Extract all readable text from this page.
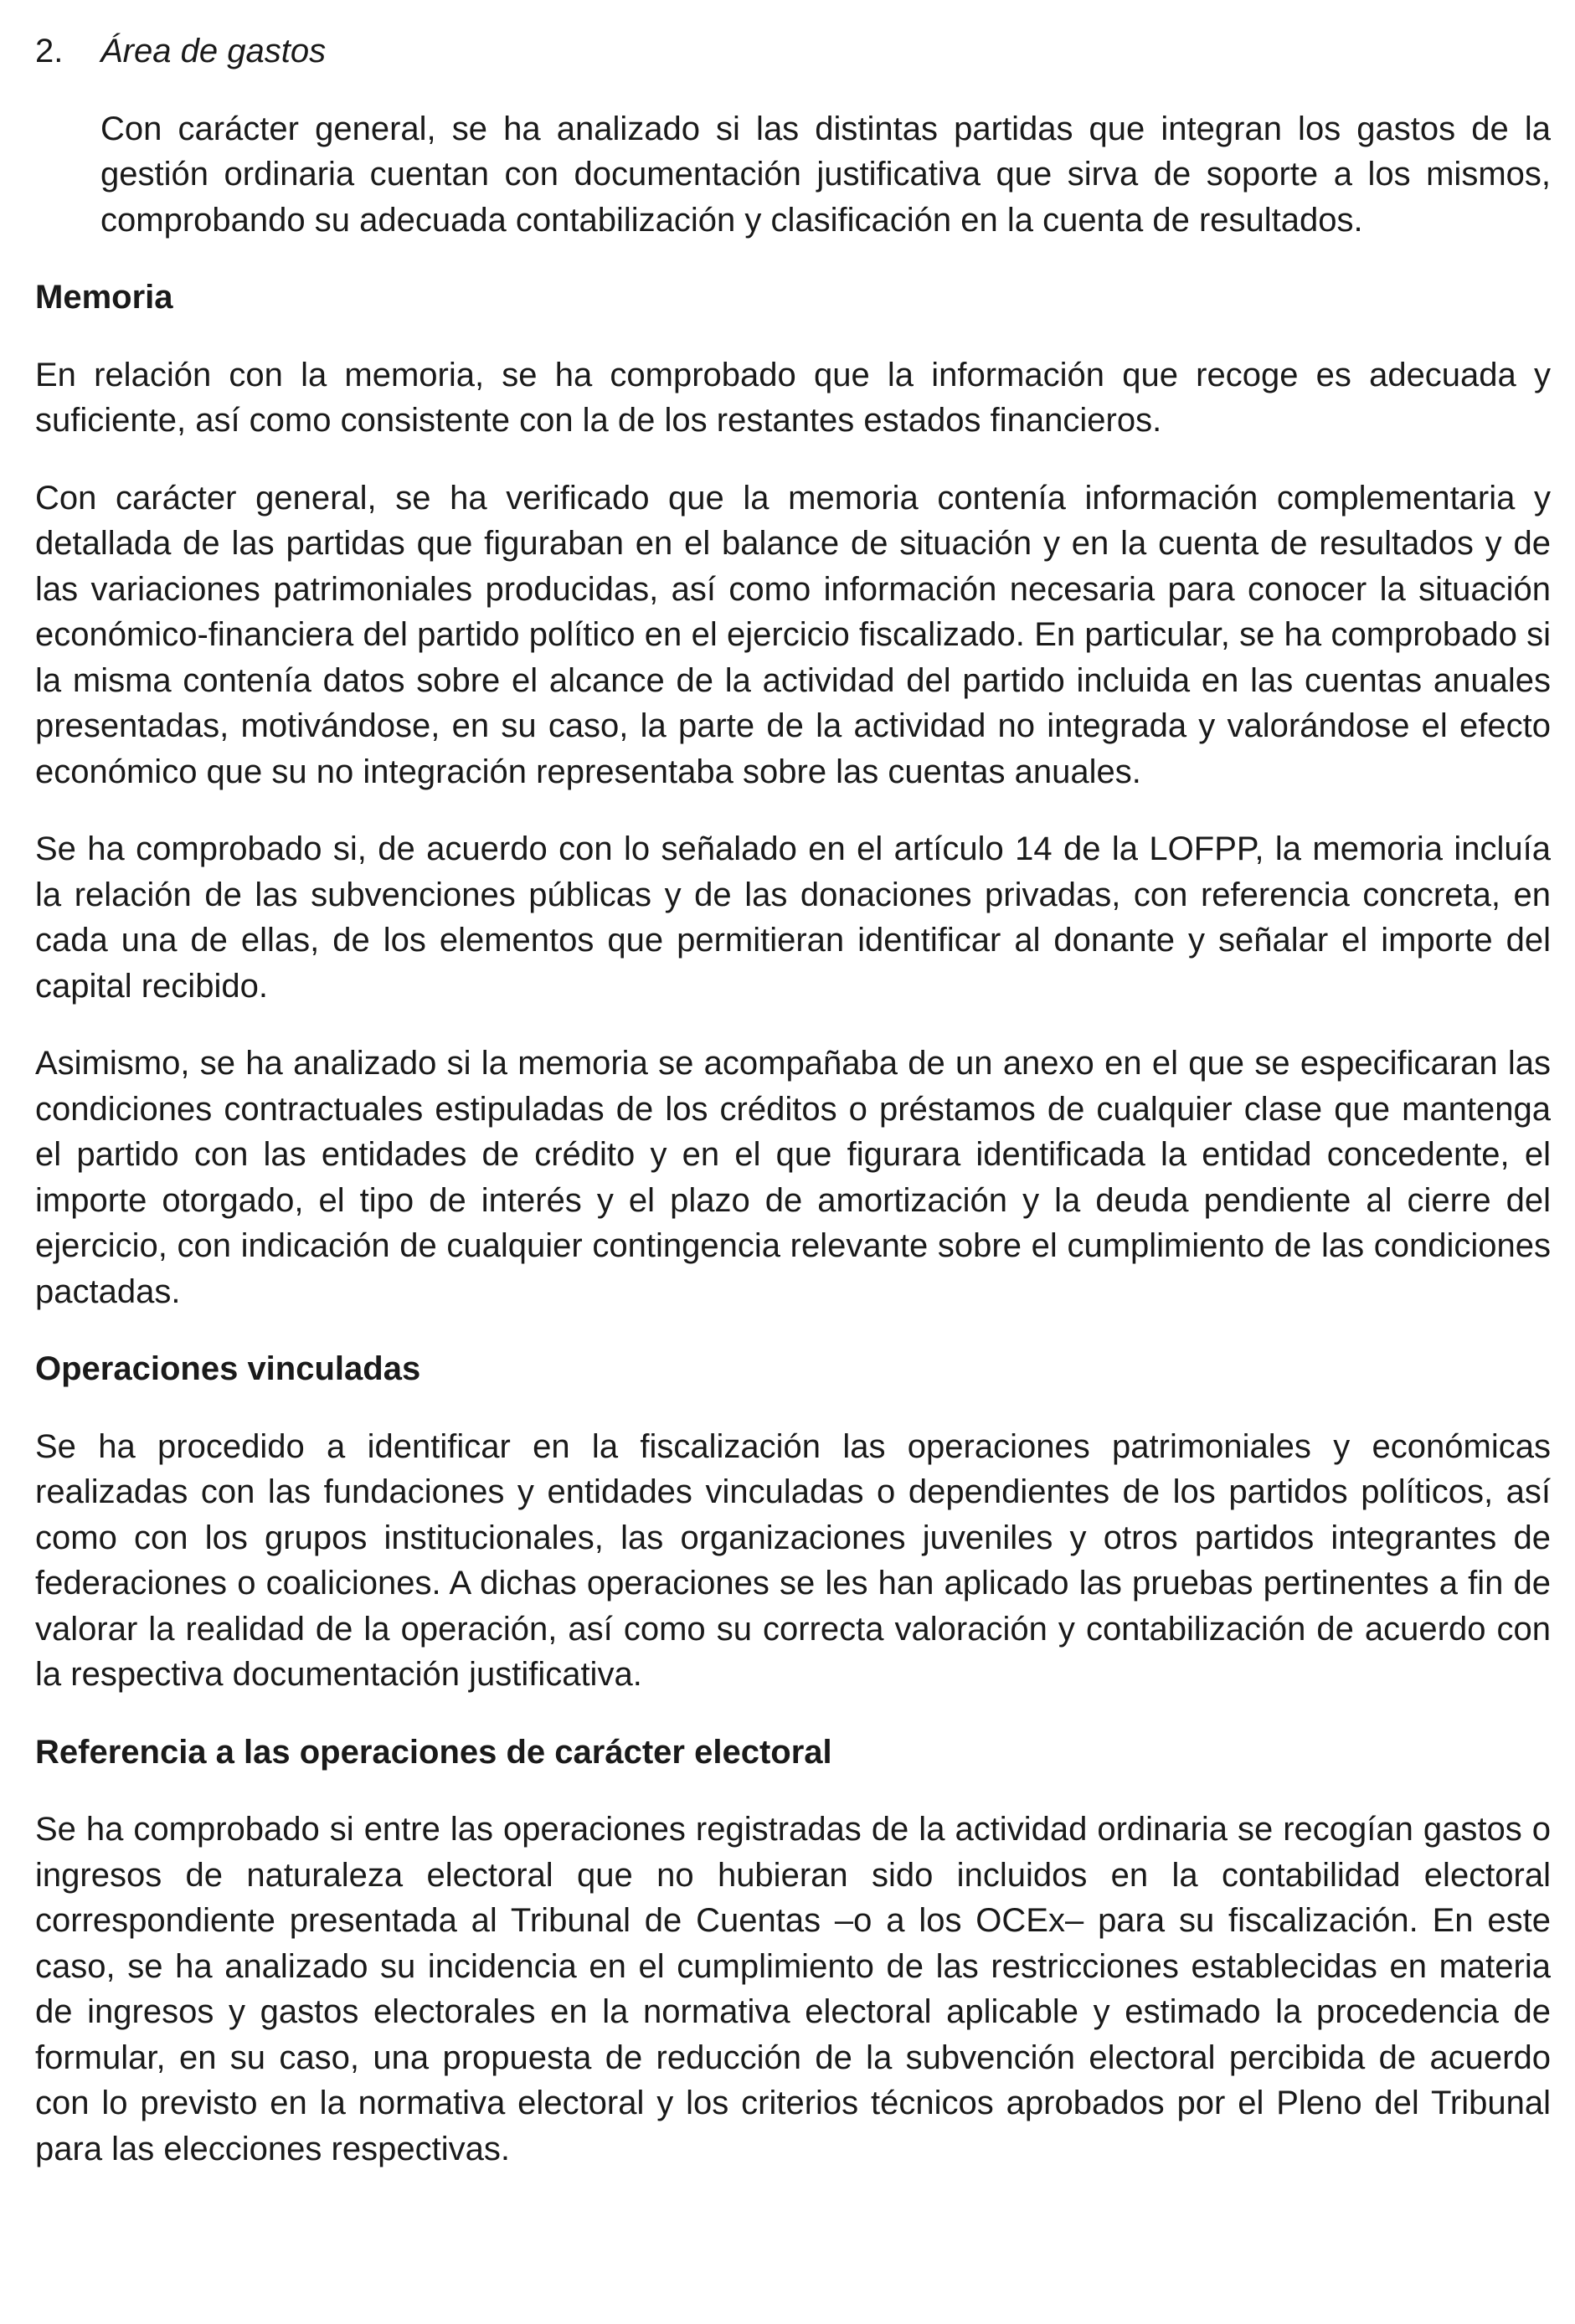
2.	Área de gastos

Con carácter general, se ha analizado si las distintas partidas que integran los gastos de la gestión ordinaria cuentan con documentación justificativa que sirva de soporte a los mismos, comprobando su adecuada contabilización y clasificación en la cuenta de resultados.

Memoria

En relación con la memoria, se ha comprobado que la información que recoge es adecuada y suficiente, así como consistente con la de los restantes estados financieros.

Con carácter general, se ha verificado que la memoria contenía información complementaria y detallada de las partidas que figuraban en el balance de situación y en la cuenta de resultados y de las variaciones patrimoniales producidas, así como información necesaria para conocer la situación económico-financiera del partido político en el ejercicio fiscalizado. En particular, se ha comprobado si la misma contenía datos sobre el alcance de la actividad del partido incluida en las cuentas anuales presentadas, motivándose, en su caso, la parte de la actividad no integrada y valorándose el efecto económico que su no integración representaba sobre las cuentas anuales.

Se ha comprobado si, de acuerdo con lo señalado en el artículo 14 de la LOFPP, la memoria incluía la relación de las subvenciones públicas y de las donaciones privadas, con referencia concreta, en cada una de ellas, de los elementos que permitieran identificar al donante y señalar el importe del capital recibido.

Asimismo, se ha analizado si la memoria se acompañaba de un anexo en el que se especificaran las condiciones contractuales estipuladas de los créditos o préstamos de cualquier clase que mantenga el partido con las entidades de crédito y en el que figurara identificada la entidad concedente, el importe otorgado, el tipo de interés y el plazo de amortización y la deuda pendiente al cierre del ejercicio, con indicación de cualquier contingencia relevante sobre el cumplimiento de las condiciones pactadas.

Operaciones vinculadas

Se ha procedido a identificar en la fiscalización las operaciones patrimoniales y económicas realizadas con las fundaciones y entidades vinculadas o dependientes de los partidos políticos, así como con los grupos institucionales, las organizaciones juveniles y otros partidos integrantes de federaciones o coaliciones. A dichas operaciones se les han aplicado las pruebas pertinentes a fin de valorar la realidad de la operación, así como su correcta valoración y contabilización de acuerdo con la respectiva documentación justificativa.

Referencia a las operaciones de carácter electoral

Se ha comprobado si entre las operaciones registradas de la actividad ordinaria se recogían gastos o ingresos de naturaleza electoral que no hubieran sido incluidos en la contabilidad electoral correspondiente presentada al Tribunal de Cuentas –o a los OCEx– para su fiscalización. En este caso, se ha analizado su incidencia en el cumplimiento de las restricciones establecidas en materia de ingresos y gastos electorales en la normativa electoral aplicable y estimado la procedencia de formular, en su caso, una propuesta de reducción de la subvención electoral percibida de acuerdo con lo previsto en la normativa electoral y los criterios técnicos aprobados por el Pleno del Tribunal para las elecciones respectivas.
